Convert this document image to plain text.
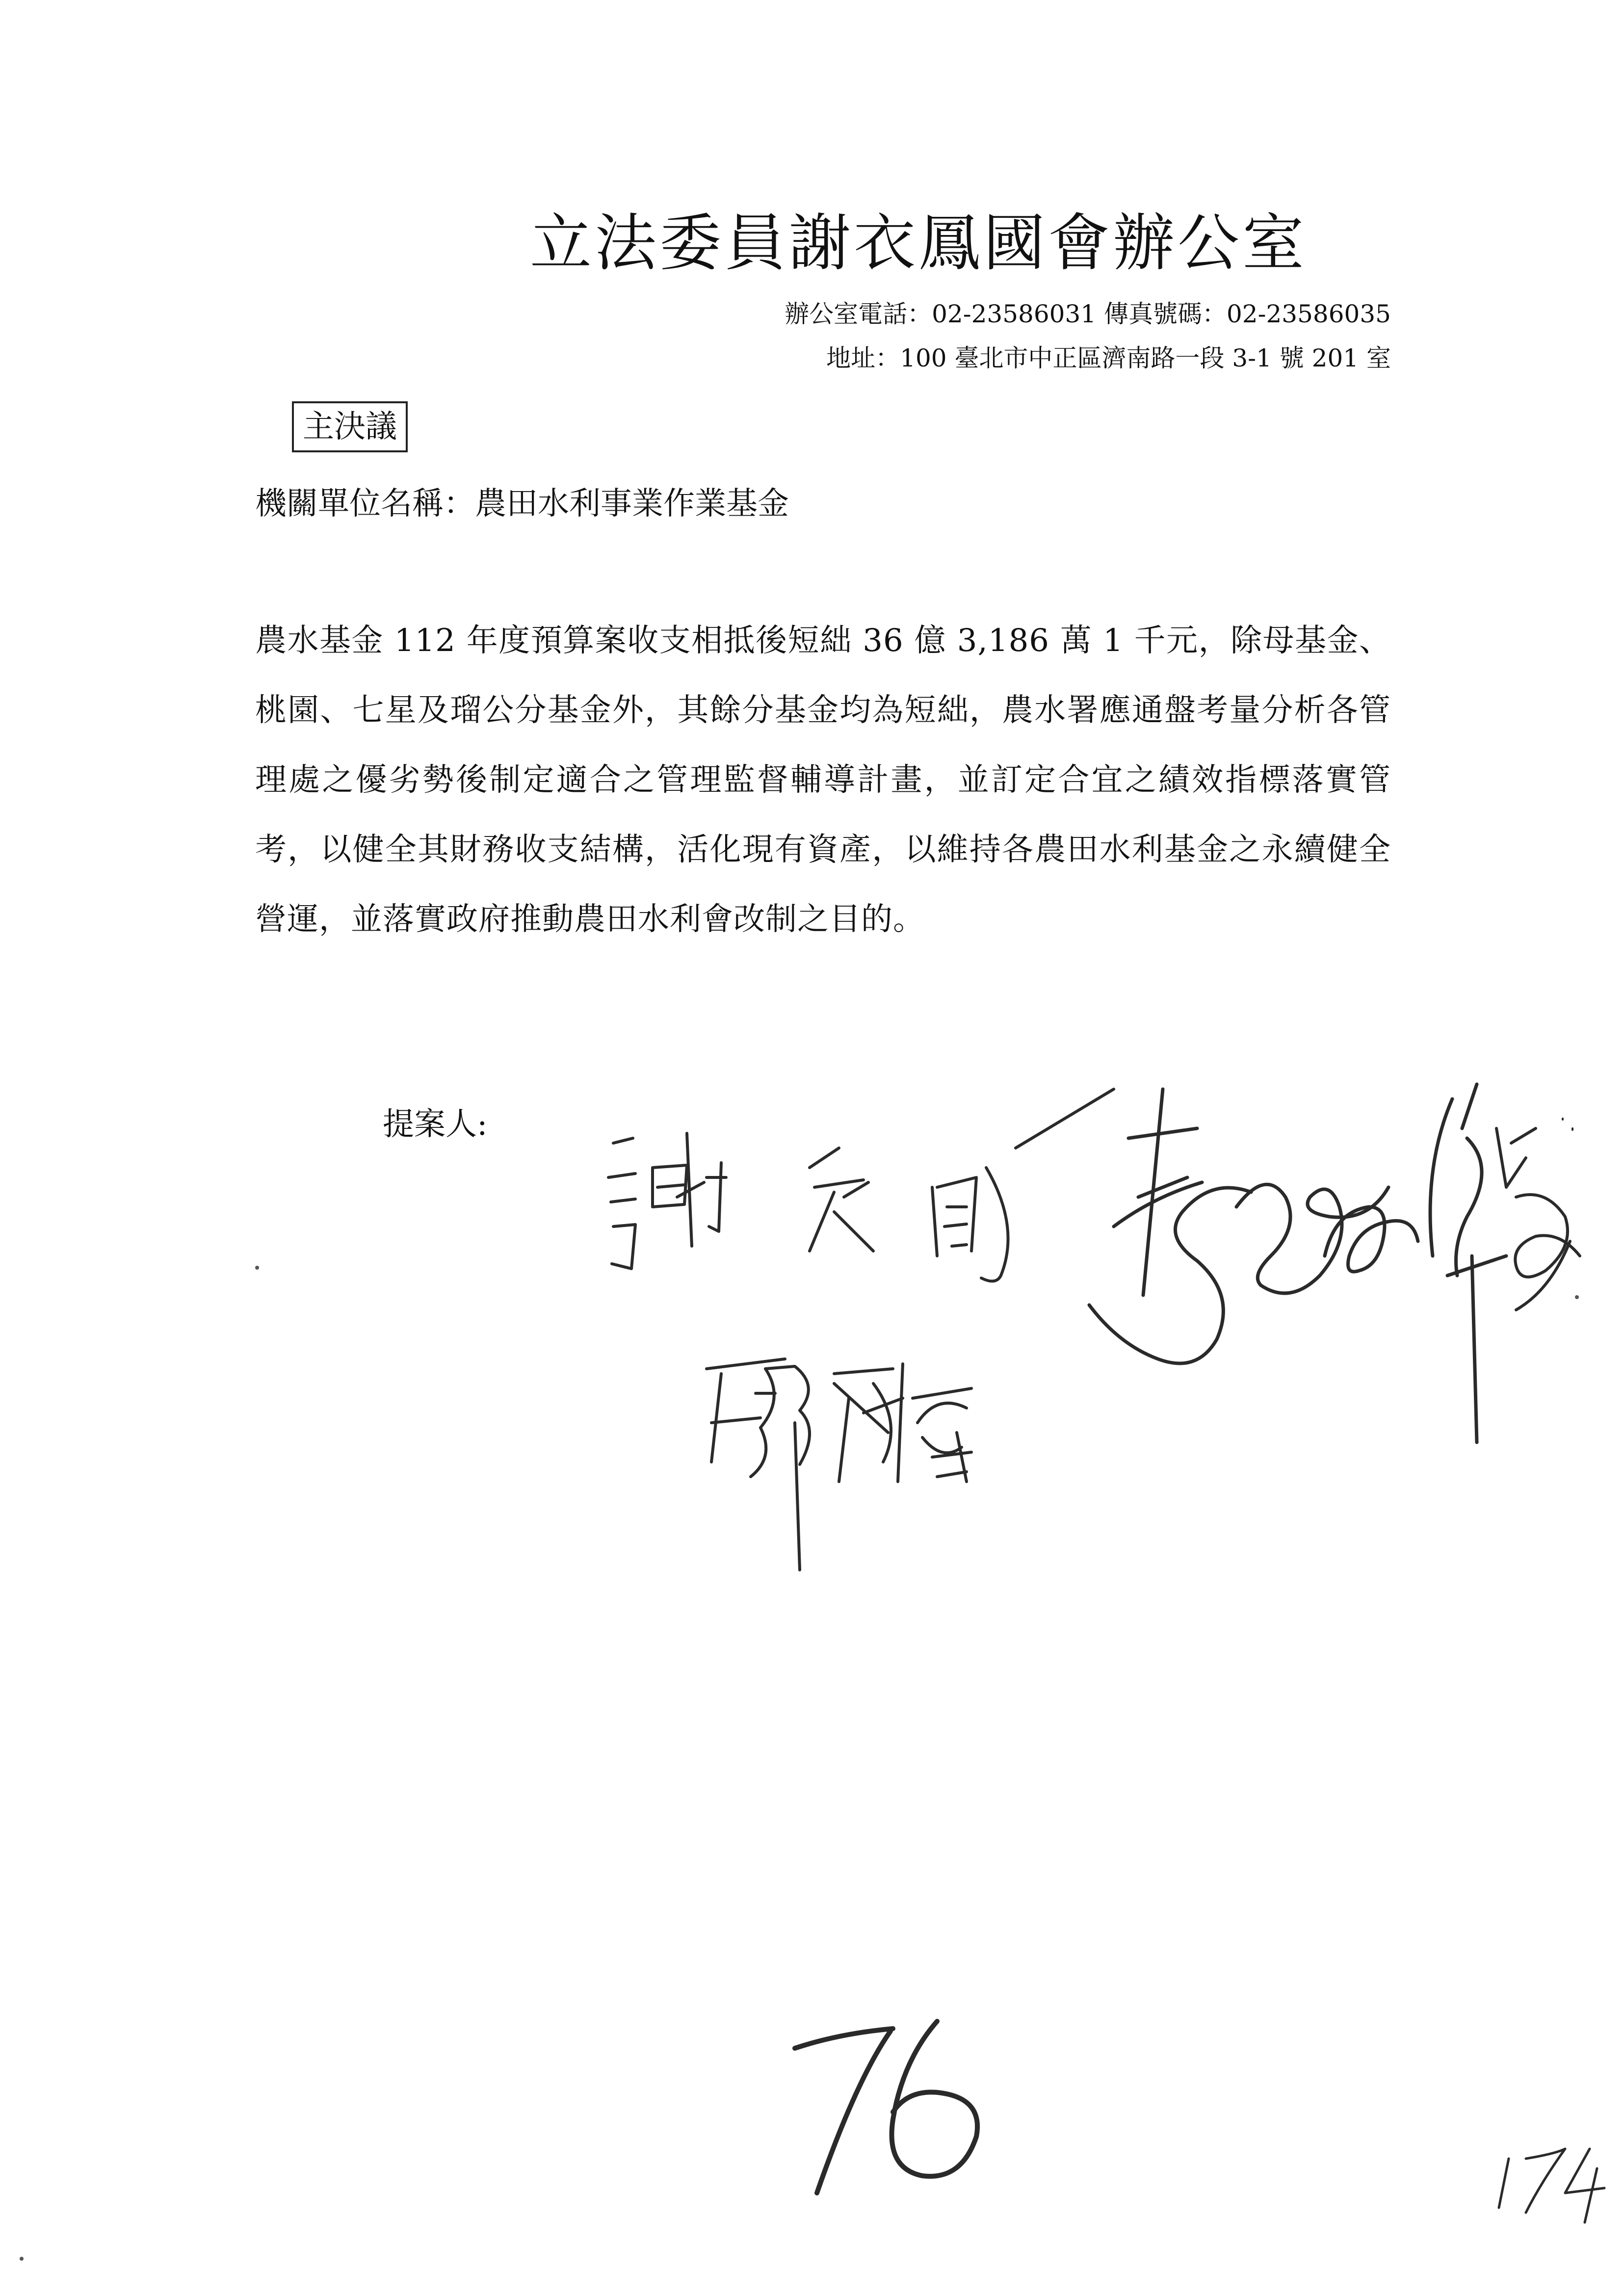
立法委員謝衣鳳國會辦公室
辦公室電話：02-23586031 傳真號碼：02-23586035
地址：100 臺北市中正區濟南路一段 3-1 號 201 室
主決議
機關單位名稱：農田水利事業作業基金
農水基金 112 年度預算案收支相抵後短絀 36 億 3,186 萬 1 千元，除母基金、桃園、七星及瑠公分基金外，其餘分基金均為短絀，農水署應通盤考量分析各管理處之優劣勢後制定適合之管理監督輔導計畫，並訂定合宜之績效指標落實管考，以健全其財務收支結構，活化現有資產，以維持各農田水利基金之永續健全營運，並落實政府推動農田水利會改制之目的。
提案人:
